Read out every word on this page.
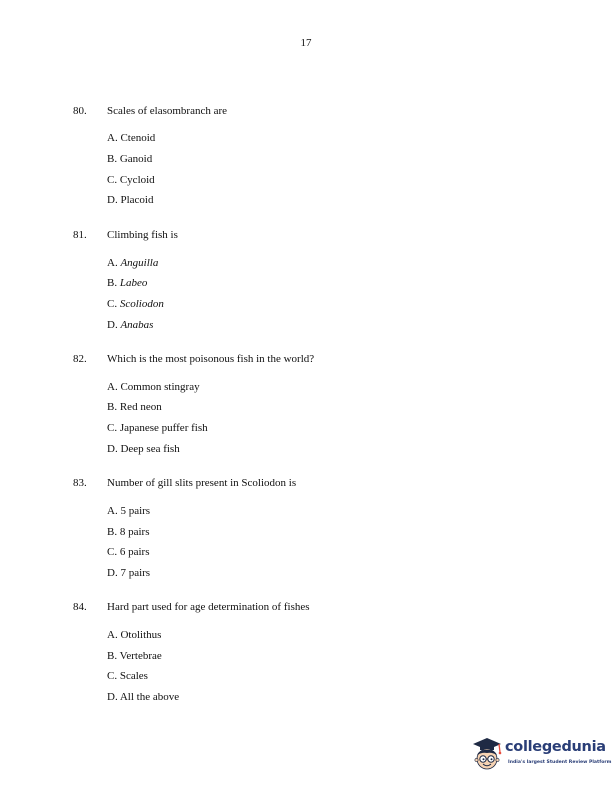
17
80.	Scales of elasombranch are
A. Ctenoid
B. Ganoid
C. Cycloid
D. Placoid
81.	Climbing fish is
A. Anguilla
B. Labeo
C. Scoliodon
D. Anabas
82.	Which is the most poisonous fish in the world?
A. Common stingray
B. Red neon
C. Japanese puffer fish
D. Deep sea fish
83.	Number of gill slits present in Scoliodon is
A. 5 pairs
B. 8 pairs
C. 6 pairs
D. 7 pairs
84.	Hard part used for age determination of fishes
A. Otolithus
B. Vertebrae
C. Scales
D. All the above
collegedunia
India's largest Student Review Platform
